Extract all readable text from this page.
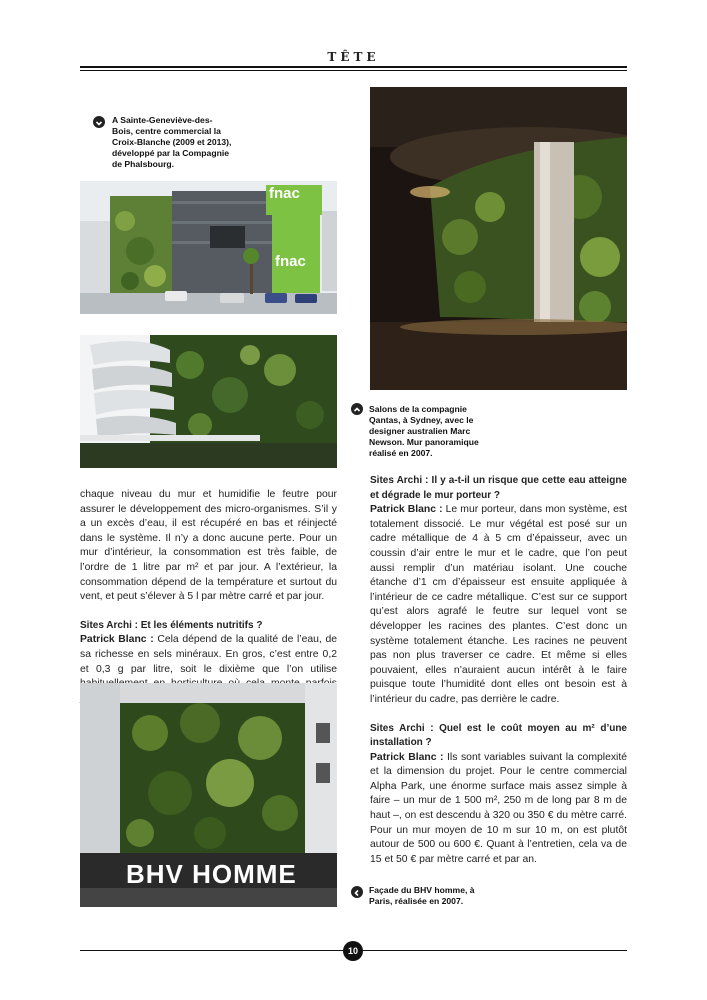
TÊTE
A Sainte-Geneviève-des-Bois, centre commercial la Croix-Blanche (2009 et 2013), développé par la Compagnie de Phalsbourg.
fnac
fnac
Salons de la compagnie Qantas, à Sydney, avec le designer australien Marc Newson. Mur panoramique réalisé en 2007.

chaque niveau du mur et humidifie le feutre pour assurer le développement des micro-organismes. S’il y a un excès d’eau, il est récupéré en bas et réinjecté dans le système. Il n’y a donc aucune perte. Pour un mur d’intérieur, la consommation est très faible, de l’ordre de 1 litre par m² et par jour. A l’extérieur, la consommation dépend de la température et surtout du vent, et peut s’élever à 5 l par mètre carré et par jour.

Sites Archi : Et les éléments nutritifs ?

Patrick Blanc : Cela dépend de la qualité de l’eau, de sa richesse en sels minéraux. En gros, c’est entre 0,2 et 0,3 g par litre, soit le dixième que l’on utilise

Sites Archi : Il y a-t-il un risque que cette eau atteigne et dégrade le mur porteur ?

Patrick Blanc : Le mur porteur, dans mon système, est totalement dissocié. Le mur végétal est posé sur un cadre métallique de 4 à 5 cm d’épaisseur, avec un coussin d’air entre le mur et le cadre, que l’on peut aussi remplir d’un matériau isolant. Une couche étanche d’1 cm d’épaisseur est ensuite appliquée à l’intérieur de ce cadre métallique. C’est sur ce support qu’est alors agrafé le feutre sur lequel vont se développer les racines des plantes. C’est donc un système totalement étanche. Les racines ne peuvent pas non plus traverser ce cadre. Et même si elles pouvaient, elles n’auraient aucun intérêt à le faire puisque toute l’humidité dont elles ont besoin est à l’intérieur du cadre, pas derrière le cadre.

Sites Archi : Quel est le coût moyen au m² d’une installation ?

Patrick Blanc : Ils sont variables suivant la complexité et la dimension du projet. Pour le centre commercial Alpha Park, une énorme surface mais assez simple à faire – un mur de 1 500 m², 250 m de long par 8 m de haut –, on est descendu à 320 ou 350 € du mètre carré. Pour un mur moyen de 10 m sur 10 m, on est plutôt autour de 500 ou 600 €. Quant à l’entretien, cela va de 15 et 50 € par mètre carré et par an.

BHV HOMME
Façade du BHV homme, à Paris, réalisée en 2007.
10
